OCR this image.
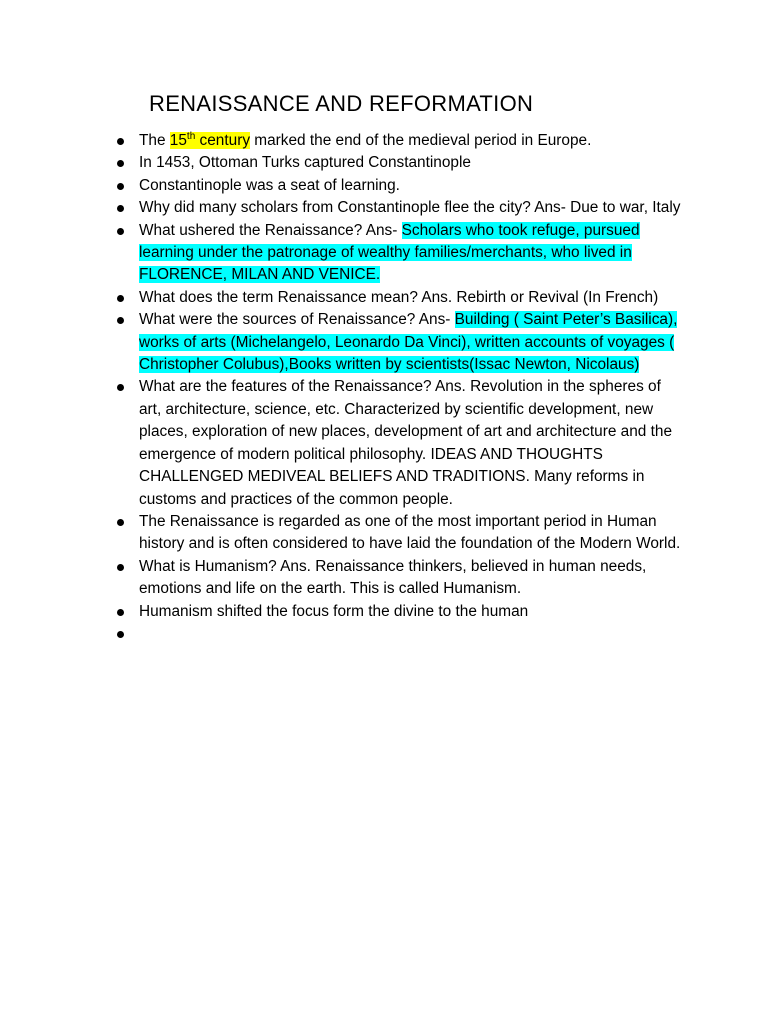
RENAISSANCE AND REFORMATION
The 15th century marked the end of the medieval period in Europe.
In 1453, Ottoman Turks captured Constantinople
Constantinople was a seat of learning.
Why did many scholars from Constantinople flee the city? Ans- Due to war, Italy
What ushered the Renaissance? Ans- Scholars who took refuge, pursued learning under the patronage of wealthy families/merchants, who lived in FLORENCE, MILAN AND VENICE.
What does the term Renaissance mean? Ans. Rebirth or Revival (In French)
What were the sources of Renaissance? Ans- Building ( Saint Peter’s Basilica), works of arts (Michelangelo, Leonardo Da Vinci), written accounts of voyages ( Christopher Colubus),Books written by scientists(Issac Newton, Nicolaus)
What are the features of the Renaissance? Ans. Revolution in the spheres of art, architecture, science, etc. Characterized by scientific development, new places, exploration of new places, development of art and architecture and the emergence of modern political philosophy. IDEAS AND THOUGHTS CHALLENGED MEDIVEAL BELIEFS AND TRADITIONS. Many reforms in customs and practices of the common people.
The Renaissance is regarded as one of the most important period in Human history and is often considered to have laid the foundation of the Modern World.
What is Humanism? Ans. Renaissance thinkers, believed in human needs, emotions and life on the earth. This is called Humanism.
Humanism shifted the focus form the divine to the human
